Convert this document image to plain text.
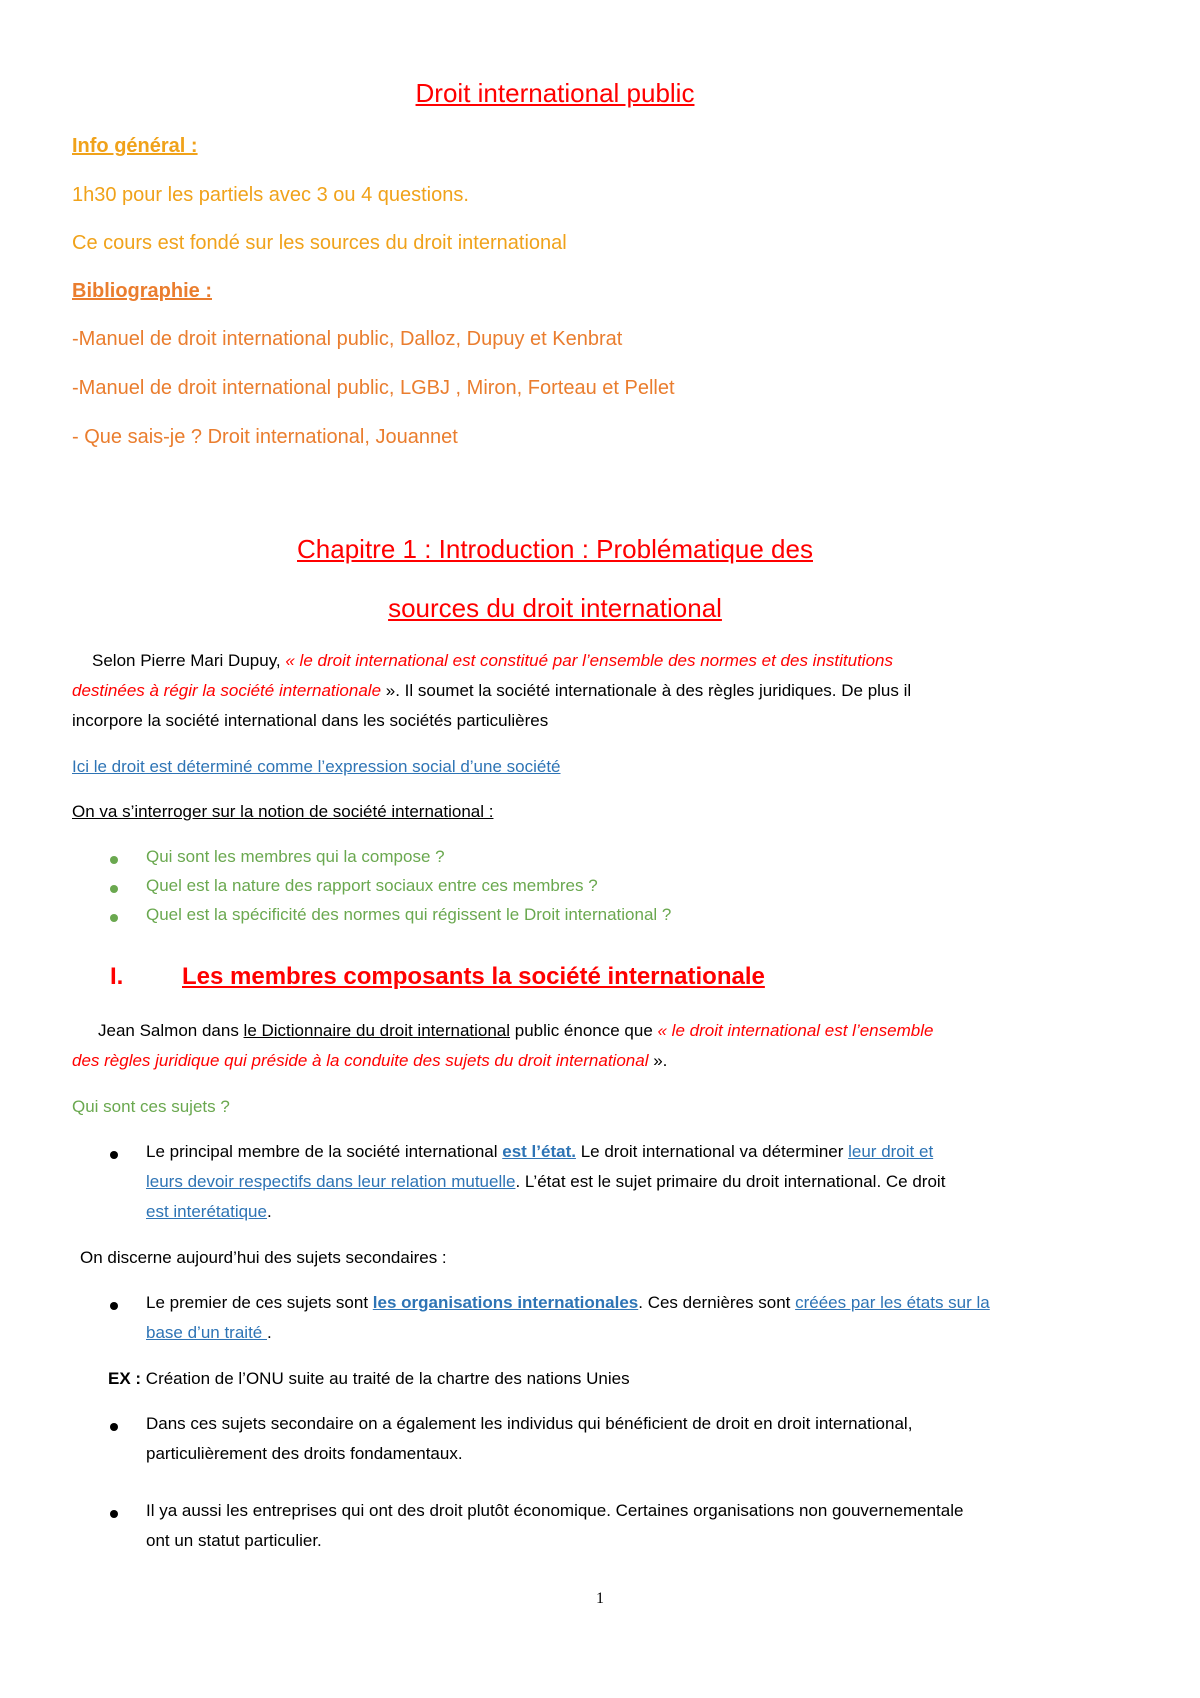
Droit international public
Info général :
1h30 pour les partiels avec 3 ou 4 questions.
Ce cours est fondé sur les sources du droit international
Bibliographie :
-Manuel de droit international public, Dalloz, Dupuy et Kenbrat
-Manuel de droit international public, LGBJ , Miron, Forteau et Pellet
- Que sais-je ? Droit international, Jouannet
Chapitre 1 : Introduction : Problématique des
sources du droit international
Selon Pierre Mari Dupuy, « le droit international est constitué par l’ensemble des normes et des institutions
destinées à régir la société internationale ». Il soumet la société internationale à des règles juridiques. De plus il
incorpore la société international dans les sociétés particulières
Ici le droit est déterminé comme l’expression social d’une société
On va s’interroger sur la notion de société international :
Qui sont les membres qui la compose ?
Quel est la nature des rapport sociaux entre ces membres ?
Quel est la spécificité des normes qui régissent le Droit international ?
I. Les membres composants la société internationale
Jean Salmon dans le Dictionnaire du droit international public énonce que « le droit international est l’ensemble
des règles juridique qui préside à la conduite des sujets du droit international ».
Qui sont ces sujets ?
Le principal membre de la société international est l’état. Le droit international va déterminer leur droit et
leurs devoir respectifs dans leur relation mutuelle. L’état est le sujet primaire du droit international. Ce droit
est interétatique.
On discerne aujourd’hui des sujets secondaires :
Le premier de ces sujets sont les organisations internationales. Ces dernières sont créées par les états sur la
base d’un traité .
EX : Création de l’ONU suite au traité de la chartre des nations Unies
Dans ces sujets secondaire on a également les individus qui bénéficient de droit en droit international,
particulièrement des droits fondamentaux.
Il ya aussi les entreprises qui ont des droit plutôt économique. Certaines organisations non gouvernementale
ont un statut particulier.
1
